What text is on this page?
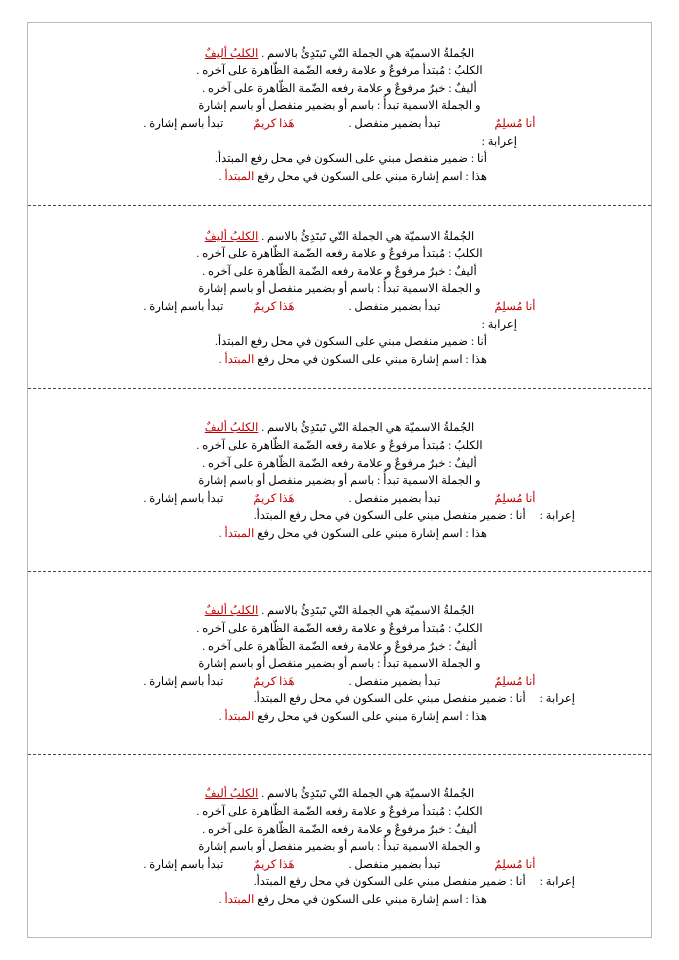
الجُملةُ الاسميّة هي الجملة التّي تَبتَدِئُ بالاسم . الكلبُ أليفٌ
الكلبُ : مُبتدأ مرفوعٌ و علامة رفعه الضّمة الظّاهرة على آخره .
أليفٌ : خبرٌ مرفوعٌ و علامة رفعه الضّمة الظّاهرة على آخره .
و الجملة الاسمية تبدأُ : باسم أو بضمير منفصل أو باسم إشارة
أنا مُسلِمٌتبدأ بضمير منفصل .هَذا كريمٌتبدأ باسم إشارة .
إعرابة :
أنا : ضمير منفصل مبني على السكون في محل رفع المبتدأ.
هذا : اسم إشارة مبني على السكون في محل رفع المبتدأ .
الجُملةُ الاسميّة هي الجملة التّي تَبتَدِئُ بالاسم . الكلبُ أليفٌ
الكلبُ : مُبتدأ مرفوعٌ و علامة رفعه الضّمة الظّاهرة على آخره .
أليفٌ : خبرٌ مرفوعٌ و علامة رفعه الضّمة الظّاهرة على آخره .
و الجملة الاسمية تبدأُ : باسم أو بضمير منفصل أو باسم إشارة
أنا مُسلِمٌتبدأ بضمير منفصل .هَذا كريمٌتبدأ باسم إشارة .
إعرابة :
أنا : ضمير منفصل مبني على السكون في محل رفع المبتدأ.
هذا : اسم إشارة مبني على السكون في محل رفع المبتدأ .
الجُملةُ الاسميّة هي الجملة التّي تَبتَدِئُ بالاسم . الكلبُ أليفٌ
الكلبُ : مُبتدأ مرفوعٌ و علامة رفعه الضّمة الظّاهرة على آخره .
أليفٌ : خبرٌ مرفوعٌ و علامة رفعه الضّمة الظّاهرة على آخره .
و الجملة الاسمية تبدأُ : باسم أو بضمير منفصل أو باسم إشارة
أنا مُسلِمٌتبدأ بضمير منفصل .هَذا كريمٌتبدأ باسم إشارة .
إعرابة :أنا : ضمير منفصل مبني على السكون في محل رفع المبتدأ.
هذا : اسم إشارة مبني على السكون في محل رفع المبتدأ .
الجُملةُ الاسميّة هي الجملة التّي تَبتَدِئُ بالاسم . الكلبُ أليفٌ
الكلبُ : مُبتدأ مرفوعٌ و علامة رفعه الضّمة الظّاهرة على آخره .
أليفٌ : خبرٌ مرفوعٌ و علامة رفعه الضّمة الظّاهرة على آخره .
و الجملة الاسمية تبدأُ : باسم أو بضمير منفصل أو باسم إشارة
أنا مُسلِمٌتبدأ بضمير منفصل .هَذا كريمٌتبدأ باسم إشارة .
إعرابة :أنا : ضمير منفصل مبني على السكون في محل رفع المبتدأ.
هذا : اسم إشارة مبني على السكون في محل رفع المبتدأ .
الجُملةُ الاسميّة هي الجملة التّي تَبتَدِئُ بالاسم . الكلبُ أليفٌ
الكلبُ : مُبتدأ مرفوعٌ و علامة رفعه الضّمة الظّاهرة على آخره .
أليفٌ : خبرٌ مرفوعٌ و علامة رفعه الضّمة الظّاهرة على آخره .
و الجملة الاسمية تبدأُ : باسم أو بضمير منفصل أو باسم إشارة
أنا مُسلِمٌتبدأ بضمير منفصل .هَذا كريمٌتبدأ باسم إشارة .
إعرابة :أنا : ضمير منفصل مبني على السكون في محل رفع المبتدأ.
هذا : اسم إشارة مبني على السكون في محل رفع المبتدأ .
